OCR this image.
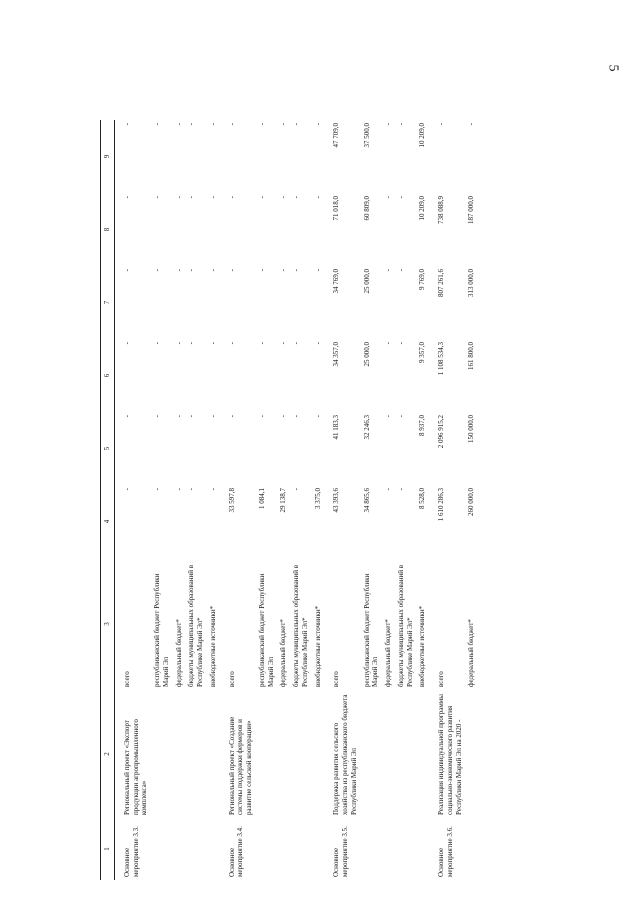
5
1	2	3	4	5	6	7	8	9
Основное мероприятие 3.3.	Региональный проект «Экспорт продукции агропромышленного комплекса»	всего	-	-	-	-	-	-
		республиканский бюджет Республики Марий Эл	-	-	-	-	-	-
		федеральный бюджет*	-	-	-	-	-	-
		бюджеты муниципальных образований в Республике Марий Эл*	-	-	-	-	-	-
		внебюджетные источники*	-	-	-	-	-	-
Основное мероприятие 3.4.	Региональный проект «Создание системы поддержки фермеров и развитие сельской кооперации»	всего	33 597,8	-	-	-	-	-
		республиканский бюджет Республики Марий Эл	1 084,1	-	-	-	-	-
		федеральный бюджет*	29 138,7	-	-	-	-	-
		бюджеты муниципальных образований в Республике Марий Эл*	-	-	-	-	-	-
		внебюджетные источники*	3 375,0	-	-	-	-	-
Основное мероприятие 3.5.	Поддержка развития сельского хозяйства из республиканского бюджета Республики Марий Эл	всего	43 393,6	41 183,3	34 357,0	34 769,0	71 018,0	47 709,0
		республиканский бюджет Республики Марий Эл	34 865,6	32 246,3	25 000,0	25 000,0	60 809,0	37 500,0
		федеральный бюджет*	-	-	-	-	-	-
		бюджеты муниципальных образований в Республике Марий Эл*	-	-	-	-	-	-
		внебюджетные источники*	8 528,0	8 937,0	9 357,0	9 769,0	10 209,0	10 209,0
Основное мероприятие 3.6.	Реализация индивидуальной программы социально-экономического развития Республики Марий Эл на 2020 -	всего	1 610 286,3	2 096 915,2	1 108 534,3	807 261,6	738 088,9	-
		федеральный бюджет*	260 000,0	150 000,0	161 800,0	313 000,0	187 000,0	-
